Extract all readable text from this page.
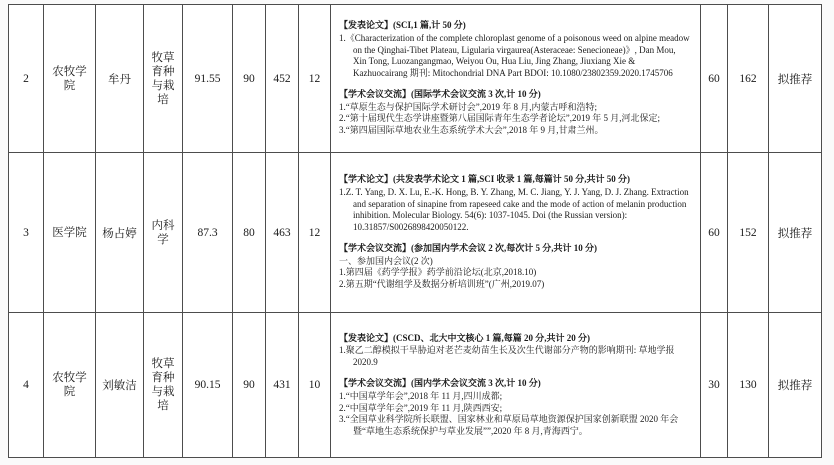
2	农牧学院	牟丹	牧草育种与栽培	91.55	90	452	12	
【发表论文】(SCI,1 篇,计 50 分)
1.《Characterization of the complete chloroplast genome of a poisonous weed on alpine meadow on the Qinghai-Tibet Plateau, Ligularia virgaurea(Asteraceae: Senecioneae)》, Dan Mou, Xin Tong, Luozangangmao, Weiyou Ou, Hua Liu, Jing Zhang, Jiuxiang Xie & Kazhuocairang 期刊: Mitochondrial DNA Part BDOI: 10.1080/23802359.2020.1745706
【学术会议交流】(国际学术会议交流 3 次,计 10 分)
1.“草原生态与保护国际学术研讨会”,2019 年 8 月,内蒙古呼和浩特;
2.“第十届现代生态学讲座暨第八届国际青年生态学者论坛”,2019 年 5 月,河北保定;
3.“第四届国际草地农业生态系统学术大会”,2018 年 9 月,甘肃兰州。
	60	162	拟推荐
3	医学院	杨占婷	内科学	87.3	80	463	12	
【学术论文】(共发表学术论文 1 篇,SCI 收录 1 篇,每篇计 50 分,共计 50 分)
1.Z. T. Yang, D. X. Lu, E.-K. Hong, B. Y. Zhang, M. C. Jiang, Y. J. Yang, D. J. Zhang. Extraction and separation of sinapine from rapeseed cake and the mode of action of melanin production inhibition. Molecular Biology. 54(6): 1037-1045. Doi (the Russian version): 10.31857/S0026898420050122.
【学术会议交流】(参加国内学术会议 2 次,每次计 5 分,共计 10 分)
一、参加国内会议(2 次)
1.第四届《药学学报》药学前沿论坛(北京,2018.10)
2.第五期“代谢组学及数据分析培训班”(广州,2019.07)
	60	152	拟推荐
4	农牧学院	刘敏洁	牧草育种与栽培	90.15	90	431	10	
【发表论文】(CSCD、北大中文核心 1 篇,每篇 20 分,共计 20 分)
1.聚乙二醇模拟干旱胁迫对老芒麦幼苗生长及次生代谢部分产物的影响期刊: 草地学报 2020.9
【学术会议交流】(国内学术会议交流 3 次,计 10 分)
1.“中国草学年会”,2018 年 11 月,四川成都;
2.“中国草学年会”,2019 年 11 月,陕西西安;
3.“全国草业科学院所长联盟、国家林业和草原局草地资源保护国家创新联盟 2020 年会暨“草地生态系统保护与草业发展””,2020 年 8 月,青海西宁。
	30	130	拟推荐
